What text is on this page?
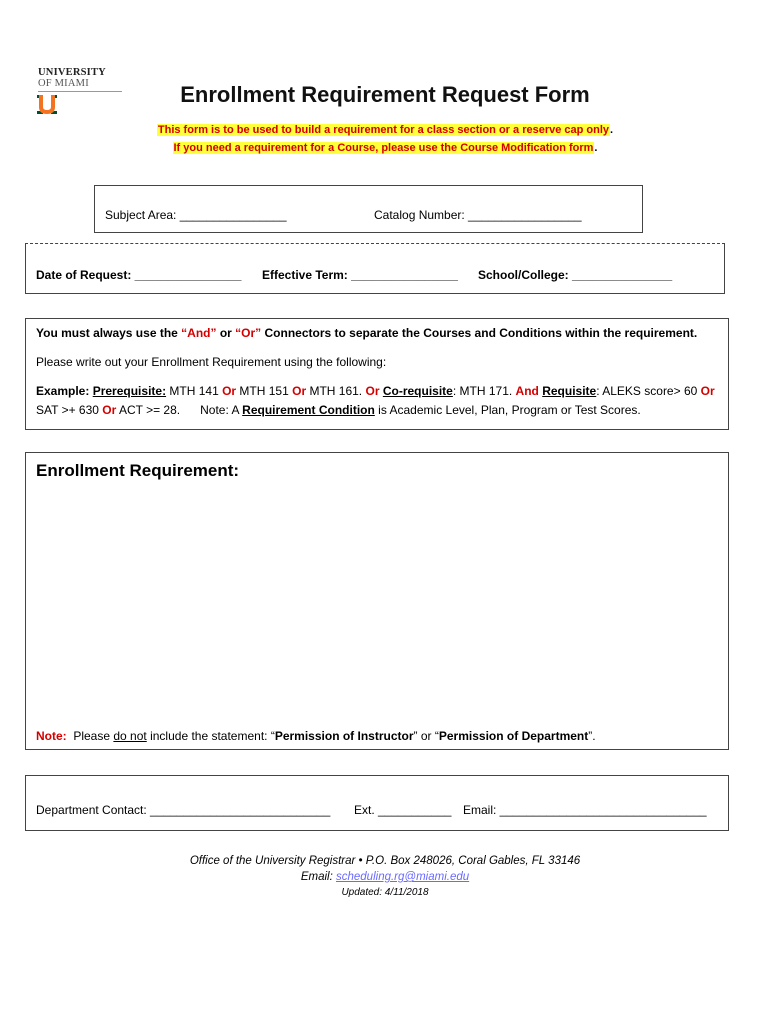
UNIVERSITY
OF MIAMI	Enrollment Requirement Request Form
This form is to be used to build a requirement for a class section or a reserve cap only.
If you need a requirement for a Course, please use the Course Modification form.
Subject Area: ________________	Catalog Number: _________________
Date of Request: ________________ Effective Term: ________________ School/College: _______________
You must always use the “And” or “Or” Connectors to separate the Courses and Conditions within the requirement.
Please write out your Enrollment Requirement using the following:
Example: Prerequisite: MTH 141 Or MTH 151 Or MTH 161. Or Co-requisite: MTH 171. And Requisite: ALEKS score> 60 Or
SAT >+ 630 Or ACT >= 28.      Note: A Requirement Condition is Academic Level, Plan, Program or Test Scores.
Enrollment Requirement:
Note:  Please do not include the statement: “Permission of Instructor” or “Permission of Department”.
Department Contact: ___________________________ Ext. ___________ Email: _______________________________
Office of the University Registrar • P.O. Box 248026, Coral Gables, FL 33146
Email: scheduling.rg@miami.edu
Updated: 4/11/2018
